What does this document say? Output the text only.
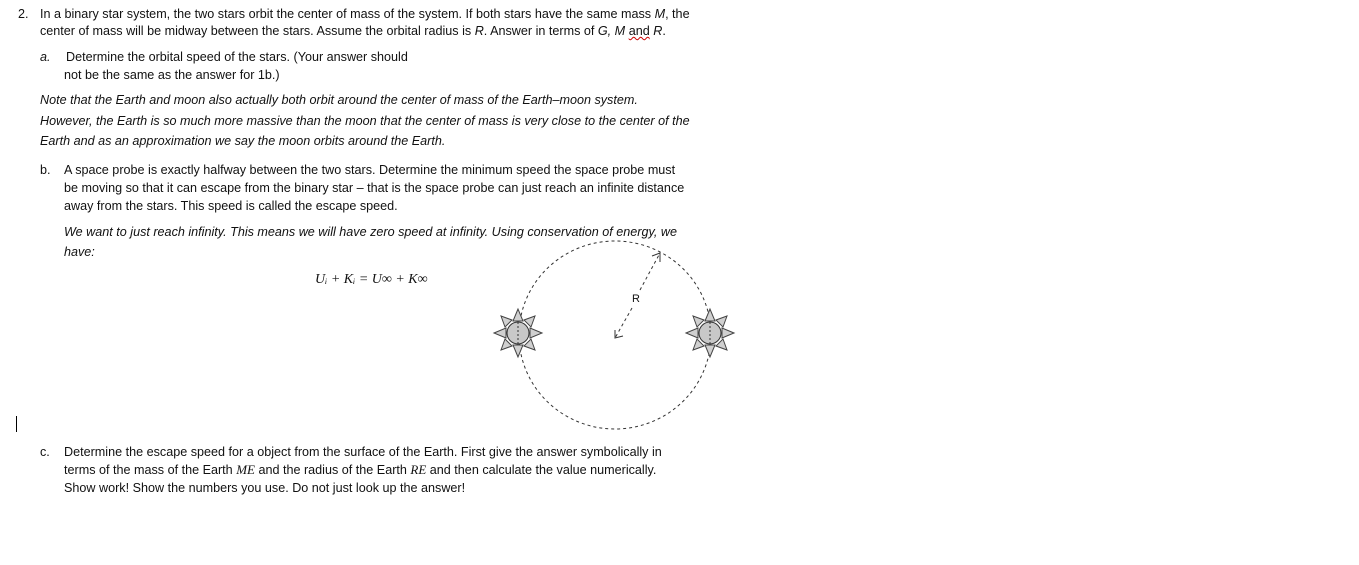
2. In a binary star system, the two stars orbit the center of mass of the system. If both stars have the same mass M, the
center of mass will be midway between the stars. Assume the orbital radius is R. Answer in terms of G, M and R.
a. Determine the orbital speed of the stars. (Your answer should
not be the same as the answer for 1b.)
Note that the Earth and moon also actually both orbit around the center of mass of the Earth–moon system.
However, the Earth is so much more massive than the moon that the center of mass is very close to the center of the
Earth and as an approximation we say the moon orbits around the Earth.
b. A space probe is exactly halfway between the two stars. Determine the minimum speed the space probe must
be moving so that it can escape from the binary star – that is the space probe can just reach an infinite distance
away from the stars. This speed is called the escape speed.
We want to just reach infinity. This means we will have zero speed at infinity. Using conservation of energy, we
have:
Uᵢ + Kᵢ = U∞ + K∞
R
c. Determine the escape speed for a object from the surface of the Earth. First give the answer symbolically in
terms of the mass of the Earth MΕ and the radius of the Earth RΕ and then calculate the value numerically.
Show work! Show the numbers you use. Do not just look up the answer!
